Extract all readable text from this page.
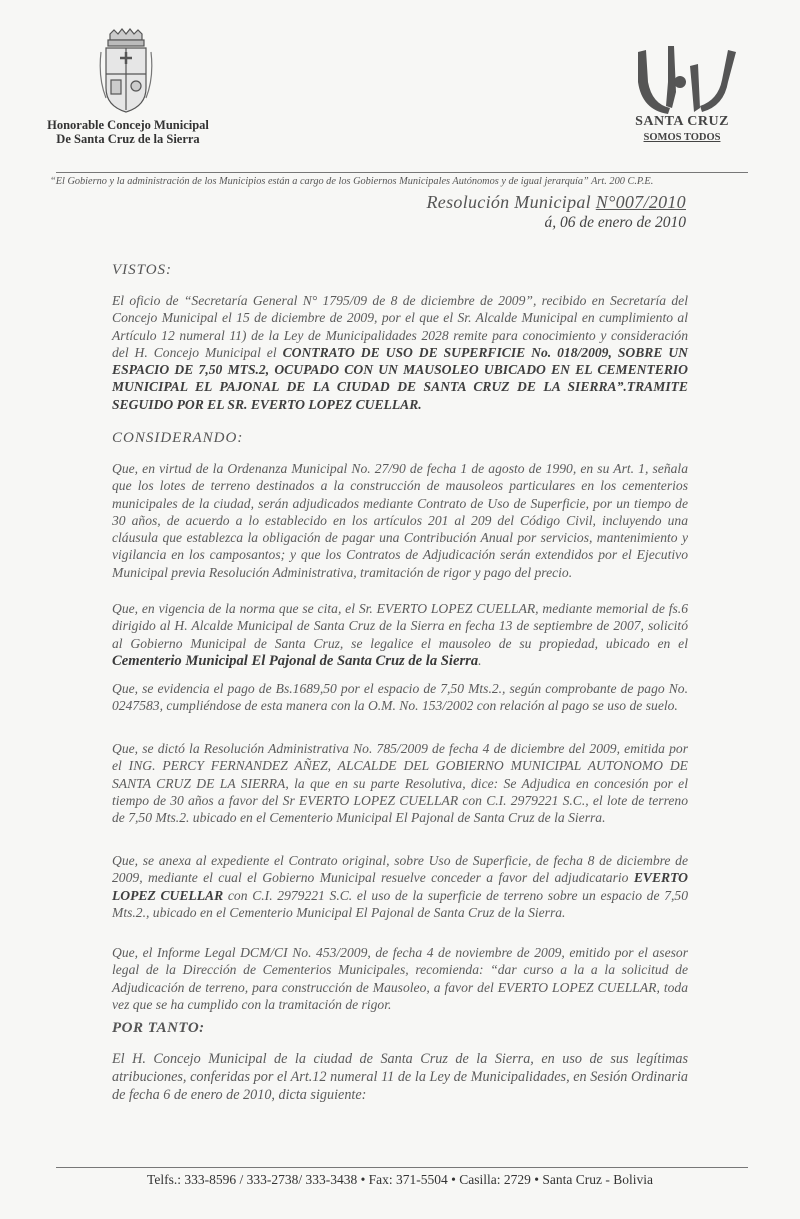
Honorable Concejo Municipal
De Santa Cruz de la Sierra
SANTA CRUZ
SOMOS TODOS
“El Gobierno y la administración de los Municipios están a cargo de los Gobiernos Municipales Autónomos y de igual jerarquía” Art. 200 C.P.E.
Resolución Municipal N°007/2010
á, 06 de enero de 2010
VISTOS:

El oficio de “Secretaría General N° 1795/09 de 8 de diciembre de 2009”, recibido en Secretaría del Concejo Municipal el 15 de diciembre de 2009, por el que el Sr. Alcalde Municipal en cumplimiento al Artículo 12 numeral 11) de la Ley de Municipalidades 2028 remite para conocimiento y consideración del H. Concejo Municipal el CONTRATO DE USO DE SUPERFICIE No. 018/2009, SOBRE UN ESPACIO DE 7,50 MTS.2, OCUPADO CON UN MAUSOLEO UBICADO EN EL CEMENTERIO MUNICIPAL EL PAJONAL DE LA CIUDAD DE SANTA CRUZ DE LA SIERRA”.TRAMITE SEGUIDO POR EL SR. EVERTO LOPEZ CUELLAR.

CONSIDERANDO:

Que, en virtud de la Ordenanza Municipal No. 27/90 de fecha 1 de agosto de 1990, en su Art. 1, señala que los lotes de terreno destinados a la construcción de mausoleos particulares en los cementerios municipales de la ciudad, serán adjudicados mediante Contrato de Uso de Superficie, por un tiempo de 30 años, de acuerdo a lo establecido en los artículos 201 al 209 del Código Civil, incluyendo una cláusula que establezca la obligación de pagar una Contribución Anual por servicios, mantenimiento y vigilancia en los camposantos; y que los Contratos de Adjudicación serán extendidos por el Ejecutivo Municipal previa Resolución Administrativa, tramitación de rigor y pago del precio.

Que, en vigencia de la norma que se cita, el Sr. EVERTO LOPEZ CUELLAR, mediante memorial de fs.6 dirigido al H. Alcalde Municipal de Santa Cruz de la Sierra en fecha 13 de septiembre de 2007, solicitó al Gobierno Municipal de Santa Cruz, se legalice el mausoleo de su propiedad, ubicado en el Cementerio Municipal El Pajonal de Santa Cruz de la Sierra.

Que, se evidencia el pago de Bs.1689,50 por el espacio de 7,50 Mts.2., según comprobante de pago No. 0247583, cumpliéndose de esta manera con la O.M. No. 153/2002 con relación al pago se uso de suelo.

Que, se dictó la Resolución Administrativa No. 785/2009 de fecha 4 de diciembre del 2009, emitida por el ING. PERCY FERNANDEZ AÑEZ, ALCALDE DEL GOBIERNO MUNICIPAL AUTONOMO DE SANTA CRUZ DE LA SIERRA, la que en su parte Resolutiva, dice: Se Adjudica en concesión por el tiempo de 30 años a favor del Sr EVERTO LOPEZ CUELLAR con C.I. 2979221 S.C., el lote de terreno de 7,50 Mts.2. ubicado en el Cementerio Municipal El Pajonal de Santa Cruz de la Sierra.

Que, se anexa al expediente el Contrato original, sobre Uso de Superficie, de fecha 8 de diciembre de 2009, mediante el cual el Gobierno Municipal resuelve conceder a favor del adjudicatario EVERTO LOPEZ CUELLAR con C.I. 2979221 S.C. el uso de la superficie de terreno sobre un espacio de 7,50 Mts.2., ubicado en el Cementerio Municipal El Pajonal de Santa Cruz de la Sierra.

Que, el Informe Legal DCM/CI No. 453/2009, de fecha 4 de noviembre de 2009, emitido por el asesor legal de la Dirección de Cementerios Municipales, recomienda: “dar curso a la a la solicitud de Adjudicación de terreno, para construcción de Mausoleo, a favor del EVERTO LOPEZ CUELLAR, toda vez que se ha cumplido con la tramitación de rigor.

POR TANTO:

El H. Concejo Municipal de la ciudad de Santa Cruz de la Sierra, en uso de sus legítimas atribuciones, conferidas por el Art.12 numeral 11 de la Ley de Municipalidades, en Sesión Ordinaria de fecha 6 de enero de 2010, dicta siguiente:

Telfs.: 333-8596 / 333-2738/ 333-3438 • Fax: 371-5504 • Casilla: 2729 • Santa Cruz - Bolivia
